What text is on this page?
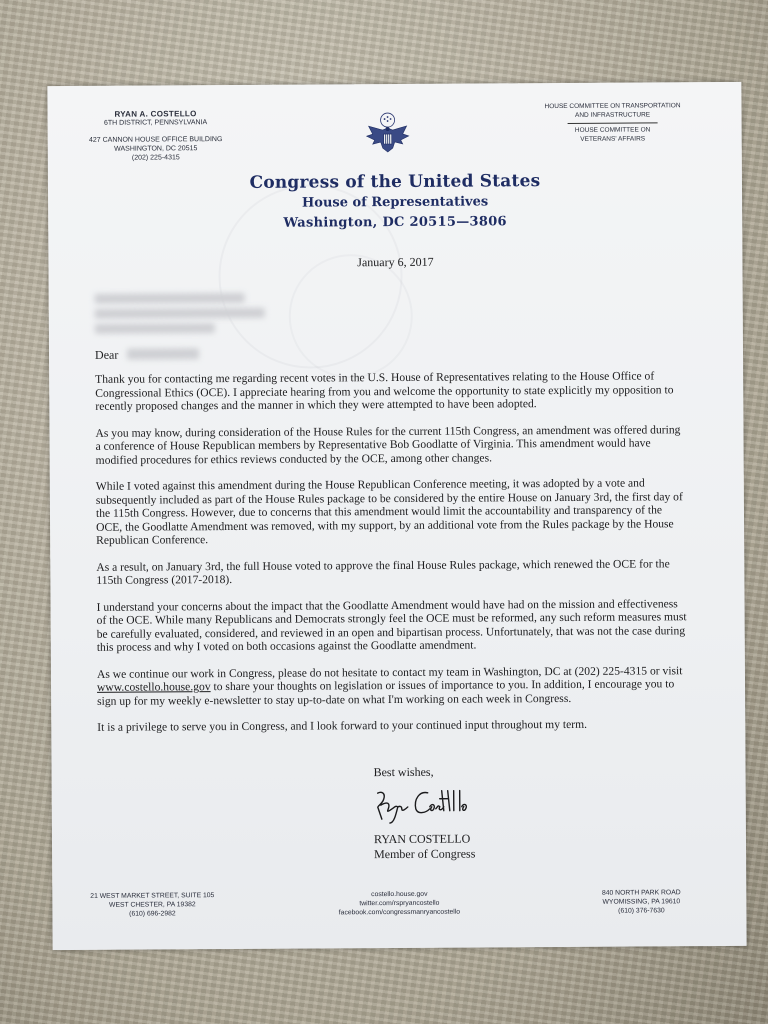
RYAN A. COSTELLO
6TH DISTRICT, PENNSYLVANIA
427 CANNON HOUSE OFFICE BUILDING
WASHINGTON, DC 20515
(202) 225-4315
HOUSE COMMITTEE ON TRANSPORTATION
AND INFRASTRUCTURE
HOUSE COMMITTEE ON
VETERANS' AFFAIRS
Congress of the United States
House of Representatives
Washington, DC 20515—3806
January 6, 2017
Dear

Thank you for contacting me regarding recent votes in the U.S. House of Representatives relating to the House Office of Congressional Ethics (OCE). I appreciate hearing from you and welcome the opportunity to state explicitly my opposition to recently proposed changes and the manner in which they were attempted to have been adopted.

As you may know, during consideration of the House Rules for the current 115th Congress, an amendment was offered during a conference of House Republican members by Representative Bob Goodlatte of Virginia. This amendment would have modified procedures for ethics reviews conducted by the OCE, among other changes.

While I voted against this amendment during the House Republican Conference meeting, it was adopted by a vote and subsequently included as part of the House Rules package to be considered by the entire House on January 3rd, the first day of the 115th Congress. However, due to concerns that this amendment would limit the accountability and transparency of the OCE, the Goodlatte Amendment was removed, with my support, by an additional vote from the Rules package by the House Republican Conference.

As a result, on January 3rd, the full House voted to approve the final House Rules package, which renewed the OCE for the 115th Congress (2017-2018).

I understand your concerns about the impact that the Goodlatte Amendment would have had on the mission and effectiveness of the OCE. While many Republicans and Democrats strongly feel the OCE must be reformed, any such reform measures must be carefully evaluated, considered, and reviewed in an open and bipartisan process. Unfortunately, that was not the case during this process and why I voted on both occasions against the Goodlatte amendment.

As we continue our work in Congress, please do not hesitate to contact my team in Washington, DC at (202) 225-4315 or visit www.costello.house.gov to share your thoughts on legislation or issues of importance to you. In addition, I encourage you to sign up for my weekly e-newsletter to stay up-to-date on what I'm working on each week in Congress.

It is a privilege to serve you in Congress, and I look forward to your continued input throughout my term.

Best wishes,
RYAN COSTELLO
Member of Congress
21 WEST MARKET STREET, SUITE 105
WEST CHESTER, PA 19382
(610) 696-2982
costello.house.gov
twitter.com/rspryancostello
facebook.com/congressmanryancostello
840 NORTH PARK ROAD
WYOMISSING, PA 19610
(610) 376-7630
